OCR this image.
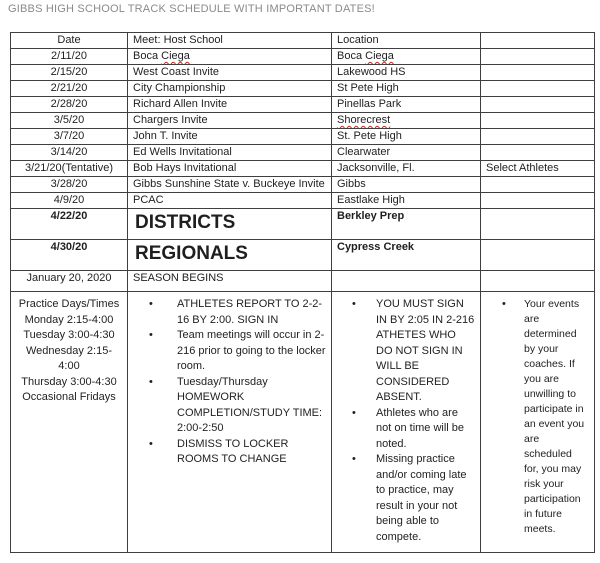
GIBBS HIGH SCHOOL TRACK SCHEDULE WITH IMPORTANT DATES!
Date	Meet: Host School	Location	
2/11/20	Boca Ciega	Boca Ciega	
2/15/20	West Coast Invite	Lakewood HS	
2/21/20	City Championship	St Pete High	
2/28/20	Richard Allen Invite	Pinellas Park	
3/5/20	Chargers Invite	Shorecrest	
3/7/20	John T. Invite	St. Pete High	
3/14/20	Ed Wells Invitational	Clearwater	
3/21/20(Tentative)	Bob Hays Invitational	Jacksonville, Fl.	Select Athletes
3/28/20	Gibbs Sunshine State v. Buckeye Invite	Gibbs	
4/9/20	PCAC	Eastlake High	
4/22/20	DISTRICTS	Berkley Prep	
4/30/20	REGIONALS	Cypress Creek	
January 20, 2020	SEASON BEGINS		
Practice Days/Times
Monday 2:15-4:00
Tuesday 3:00-4:30
Wednesday 2:15-
4:00
Thursday 3:00-4:30
Occasional Fridays

•	ATHLETES REPORT TO 2-2-16 BY 2:00. SIGN IN
•	Team meetings will occur in 2-216 prior to going to the locker room.
•	Tuesday/Thursday HOMEWORK COMPLETION/STUDY TIME: 2:00-2:50
•	DISMISS TO LOCKER ROOMS TO CHANGE

•	YOU MUST SIGN IN BY 2:05 IN 2-216 ATHETES WHO DO NOT SIGN IN WILL BE CONSIDERED ABSENT.
•	Athletes who are not on time will be noted.
•	Missing practice and/or coming late to practice, may result in your not being able to compete.

•	Your events are determined by your coaches. If you are unwilling to participate in an event you are scheduled for, you may risk your participation in future meets.
